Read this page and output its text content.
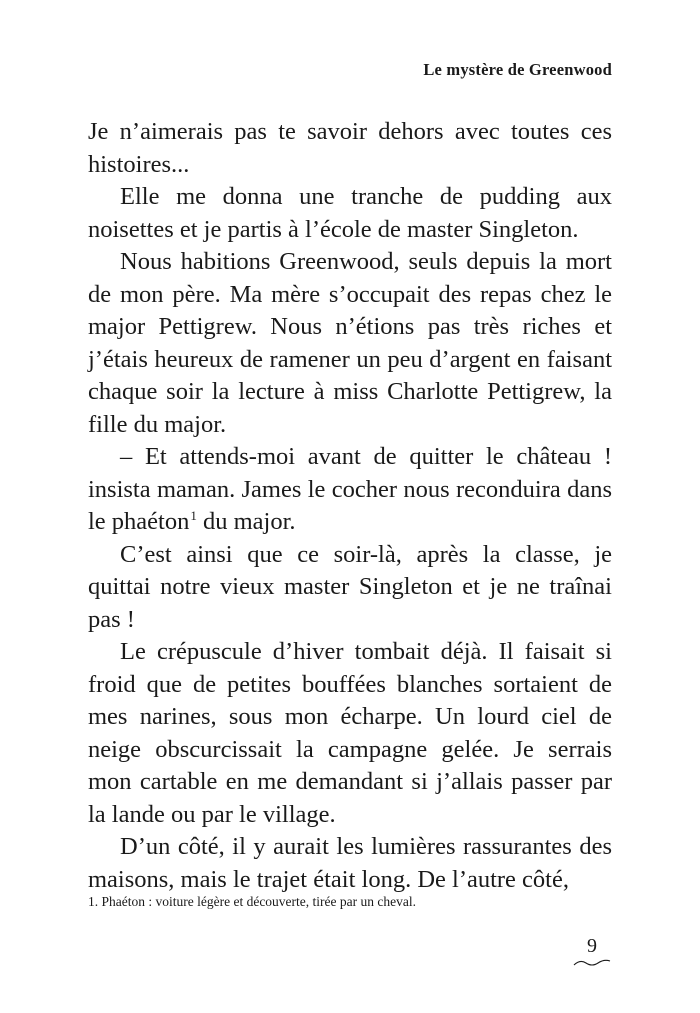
Le mystère de Greenwood

Je n’aimerais pas te savoir dehors avec toutes ces histoires...

Elle me donna une tranche de pudding aux noisettes et je partis à l’école de master Singleton.

Nous habitions Greenwood, seuls depuis la mort de mon père. Ma mère s’occupait des repas chez le major Pettigrew. Nous n’étions pas très riches et j’étais heureux de ramener un peu d’argent en faisant chaque soir la lecture à miss Charlotte Pettigrew, la fille du major.

– Et attends-moi avant de quitter le château ! insista maman. James le cocher nous reconduira dans le phaéton$^1$ du major.

C’est ainsi que ce soir-là, après la classe, je quittai notre vieux master Singleton et je ne traînai pas !

Le crépuscule d’hiver tombait déjà. Il faisait si froid que de petites bouffées blanches sortaient de mes narines, sous mon écharpe. Un lourd ciel de neige obscurcissait la campagne gelée. Je serrais mon cartable en me demandant si j’allais passer par la lande ou par le village.

D’un côté, il y aurait les lumières rassurantes des maisons, mais le trajet était long. De l’autre côté,

1. Phaéton : voiture légère et découverte, tirée par un cheval.
9
